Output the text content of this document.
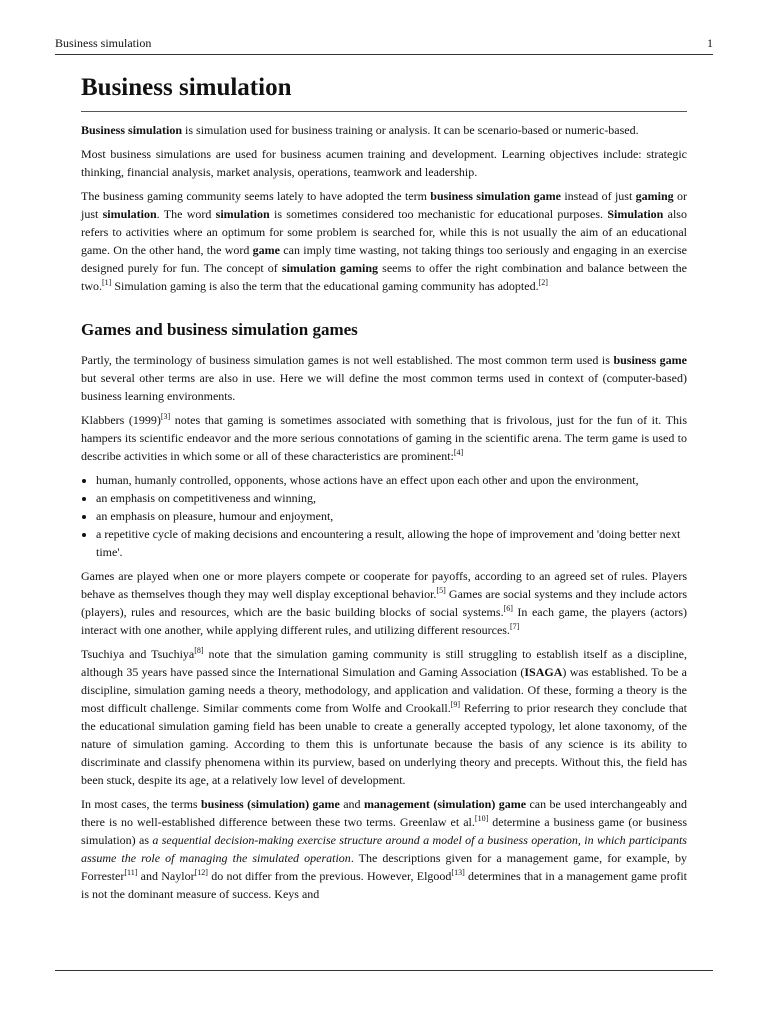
Business simulation	1
Business simulation

Business simulation is simulation used for business training or analysis. It can be scenario-based or numeric-based.

Most business simulations are used for business acumen training and development. Learning objectives include: strategic thinking, financial analysis, market analysis, operations, teamwork and leadership.

The business gaming community seems lately to have adopted the term business simulation game instead of just gaming or just simulation. The word simulation is sometimes considered too mechanistic for educational purposes. Simulation also refers to activities where an optimum for some problem is searched for, while this is not usually the aim of an educational game. On the other hand, the word game can imply time wasting, not taking things too seriously and engaging in an exercise designed purely for fun. The concept of simulation gaming seems to offer the right combination and balance between the two.[1] Simulation gaming is also the term that the educational gaming community has adopted.[2]

Games and business simulation games

Partly, the terminology of business simulation games is not well established. The most common term used is business game but several other terms are also in use. Here we will define the most common terms used in context of (computer-based) business learning environments.

Klabbers (1999)[3] notes that gaming is sometimes associated with something that is frivolous, just for the fun of it. This hampers its scientific endeavor and the more serious connotations of gaming in the scientific arena. The term game is used to describe activities in which some or all of these characteristics are prominent:[4]

• human, humanly controlled, opponents, whose actions have an effect upon each other and upon the environment,
• an emphasis on competitiveness and winning,
• an emphasis on pleasure, humour and enjoyment,
• a repetitive cycle of making decisions and encountering a result, allowing the hope of improvement and 'doing better next time'.

Games are played when one or more players compete or cooperate for payoffs, according to an agreed set of rules. Players behave as themselves though they may well display exceptional behavior.[5] Games are social systems and they include actors (players), rules and resources, which are the basic building blocks of social systems.[6] In each game, the players (actors) interact with one another, while applying different rules, and utilizing different resources.[7]

Tsuchiya and Tsuchiya[8] note that the simulation gaming community is still struggling to establish itself as a discipline, although 35 years have passed since the International Simulation and Gaming Association (ISAGA) was established. To be a discipline, simulation gaming needs a theory, methodology, and application and validation. Of these, forming a theory is the most difficult challenge. Similar comments come from Wolfe and Crookall.[9] Referring to prior research they conclude that the educational simulation gaming field has been unable to create a generally accepted typology, let alone taxonomy, of the nature of simulation gaming. According to them this is unfortunate because the basis of any science is its ability to discriminate and classify phenomena within its purview, based on underlying theory and precepts. Without this, the field has been stuck, despite its age, at a relatively low level of development.

In most cases, the terms business (simulation) game and management (simulation) game can be used interchangeably and there is no well-established difference between these two terms. Greenlaw et al.[10] determine a business game (or business simulation) as a sequential decision-making exercise structure around a model of a business operation, in which participants assume the role of managing the simulated operation. The descriptions given for a management game, for example, by Forrester[11] and Naylor[12] do not differ from the previous. However, Elgood[13] determines that in a management game profit is not the dominant measure of success. Keys and
